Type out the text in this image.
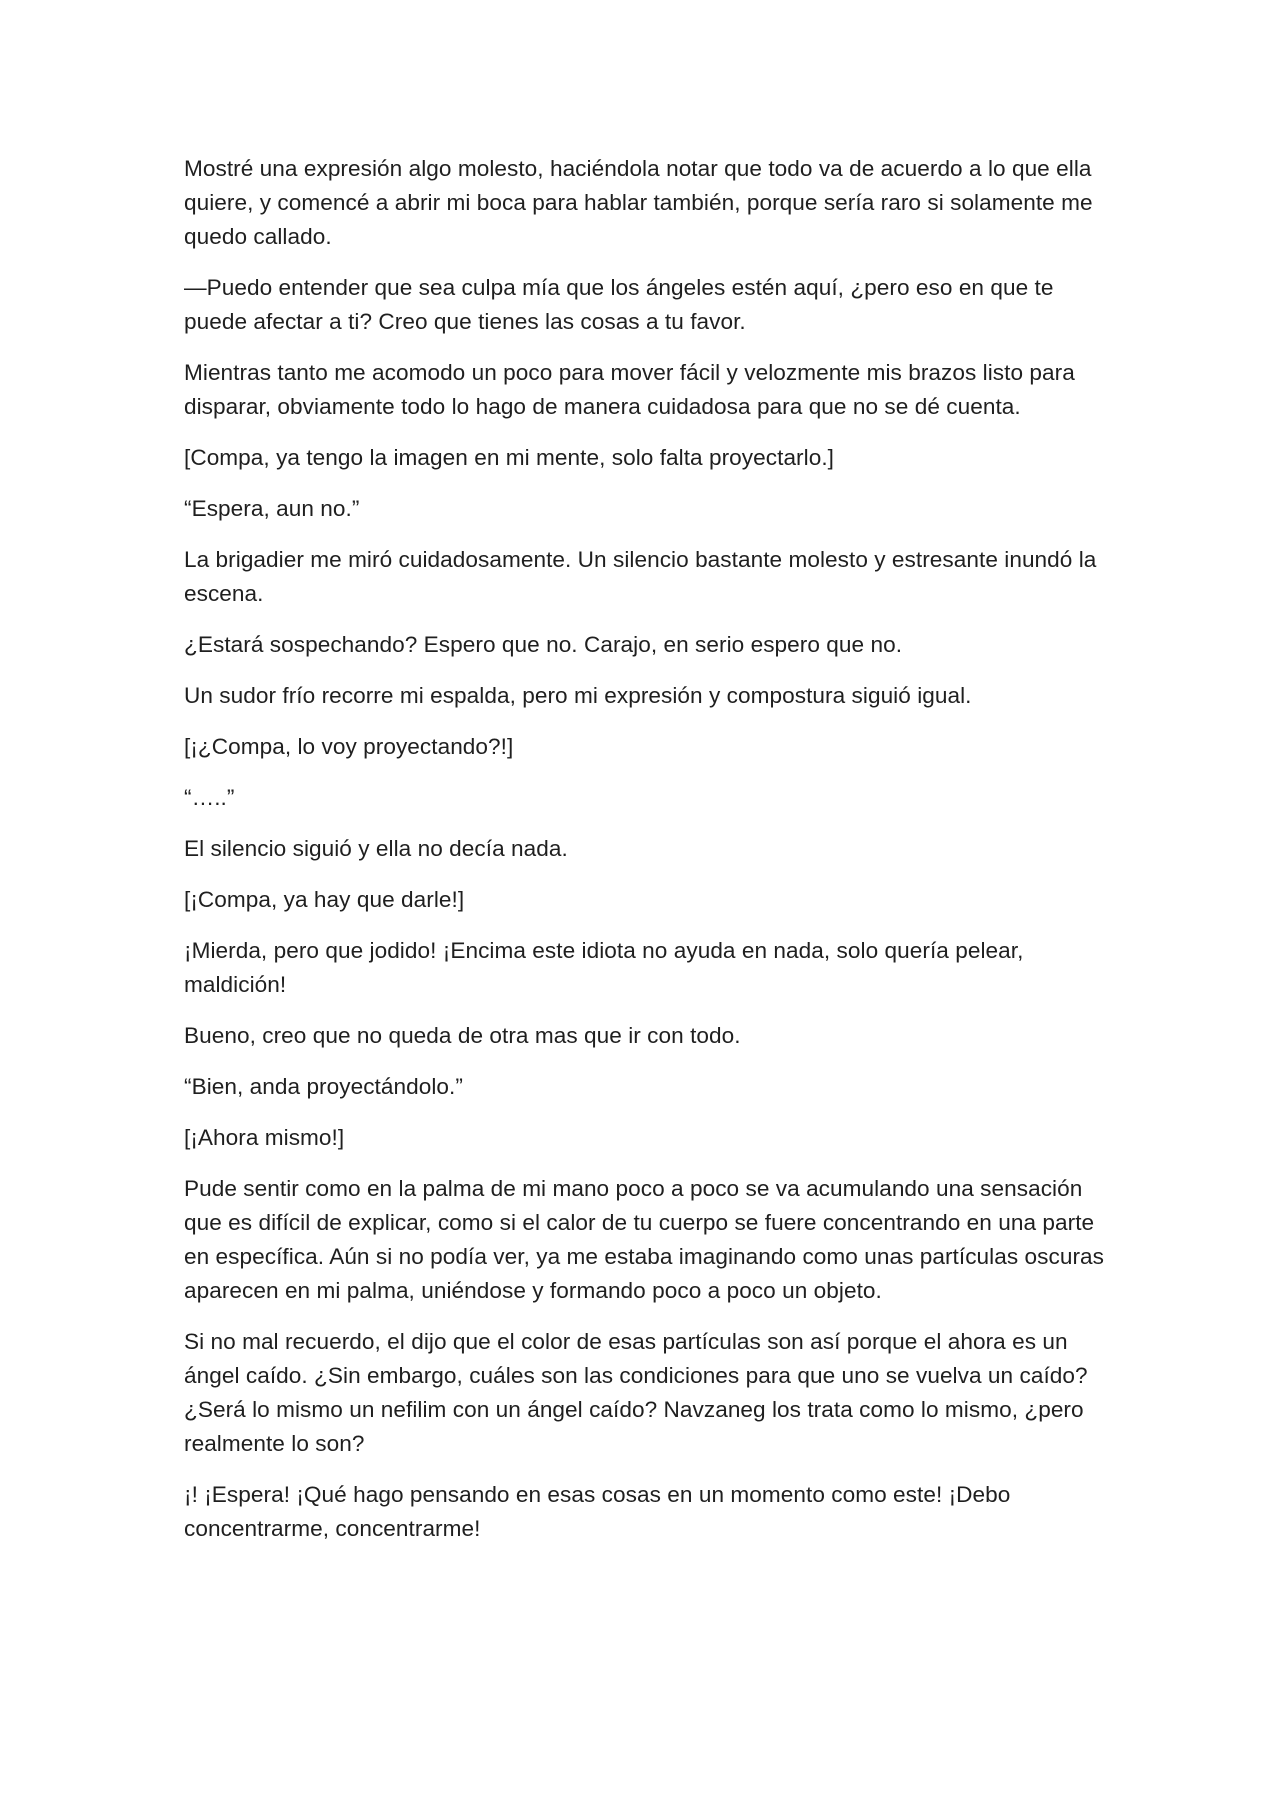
Mostré una expresión algo molesto, haciéndola notar que todo va de acuerdo a lo que ella quiere, y comencé a abrir mi boca para hablar también, porque sería raro si solamente me quedo callado.

—Puedo entender que sea culpa mía que los ángeles estén aquí, ¿pero eso en que te puede afectar a ti? Creo que tienes las cosas a tu favor.

Mientras tanto me acomodo un poco para mover fácil y velozmente mis brazos listo para disparar, obviamente todo lo hago de manera cuidadosa para que no se dé cuenta.

[Compa, ya tengo la imagen en mi mente, solo falta proyectarlo.]

“Espera, aun no.”

La brigadier me miró cuidadosamente. Un silencio bastante molesto y estresante inundó la escena.

¿Estará sospechando? Espero que no. Carajo, en serio espero que no.

Un sudor frío recorre mi espalda, pero mi expresión y compostura siguió igual.

[¡¿Compa, lo voy proyectando?!]

“…..”

El silencio siguió y ella no decía nada.

[¡Compa, ya hay que darle!]

¡Mierda, pero que jodido! ¡Encima este idiota no ayuda en nada, solo quería pelear, maldición!

Bueno, creo que no queda de otra mas que ir con todo.

“Bien, anda proyectándolo.”

[¡Ahora mismo!]

Pude sentir como en la palma de mi mano poco a poco se va acumulando una sensación que es difícil de explicar, como si el calor de tu cuerpo se fuere concentrando en una parte en específica. Aún si no podía ver, ya me estaba imaginando como unas partículas oscuras aparecen en mi palma, uniéndose y formando poco a poco un objeto.

Si no mal recuerdo, el dijo que el color de esas partículas son así porque el ahora es un ángel caído. ¿Sin embargo, cuáles son las condiciones para que uno se vuelva un caído? ¿Será lo mismo un nefilim con un ángel caído? Navzaneg los trata como lo mismo, ¿pero realmente lo son?

¡! ¡Espera! ¡Qué hago pensando en esas cosas en un momento como este! ¡Debo concentrarme, concentrarme!
